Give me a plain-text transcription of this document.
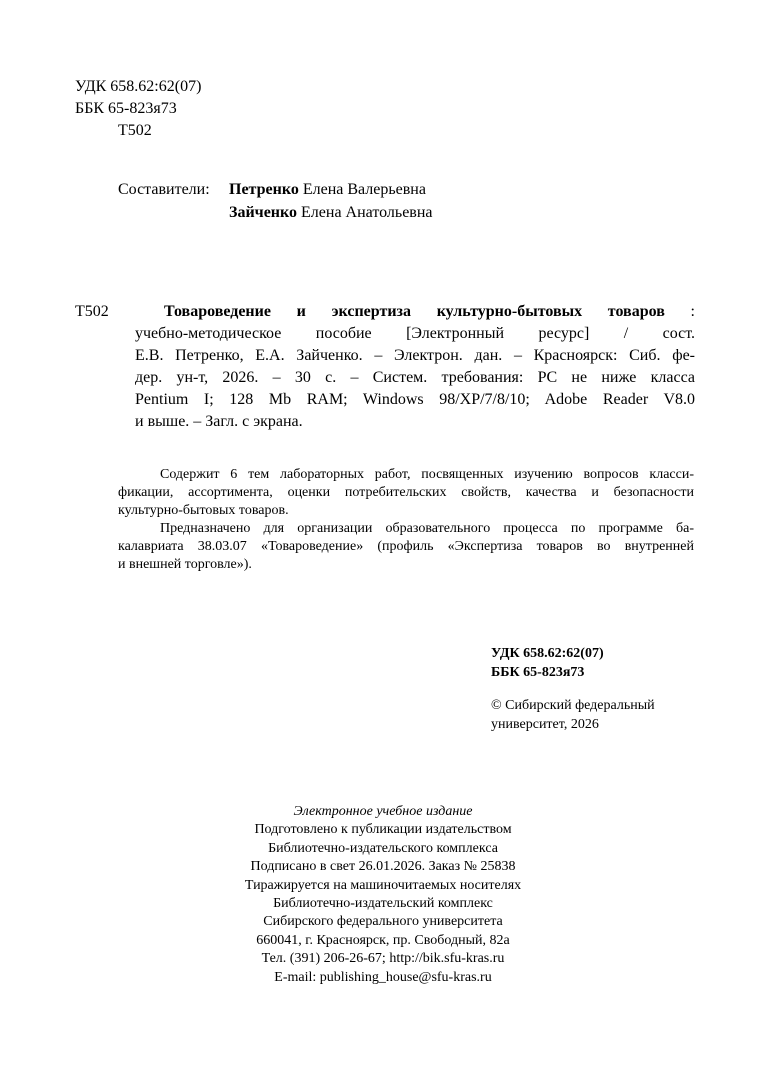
УДК 658.62:62(07)
ББК 65-823я73
Т502
Составители: Петренко Елена Валерьевна
Зайченко Елена Анатольевна
Т502	Товароведение и экспертиза культурно-бытовых товаров :
учебно-методическое пособие [Электронный ресурс] / сост.
Е.В. Петренко, Е.А. Зайченко. – Электрон. дан. – Красноярск: Сиб. фе-
дер. ун-т, 2026. – 30 с. – Систем. требования: PC не ниже класса
Pentium I; 128 Mb RAM; Windows 98/XP/7/8/10; Adobe Reader V8.0
и выше. – Загл. с экрана.
Содержит 6 тем лабораторных работ, посвященных изучению вопросов класси-
фикации, ассортимента, оценки потребительских свойств, качества и безопасности
культурно-бытовых товаров.
Предназначено для организации образовательного процесса по программе ба-
калавриата 38.03.07 «Товароведение» (профиль «Экспертиза товаров во внутренней
и внешней торговле»).
УДК 658.62:62(07)
ББК 65-823я73
© Сибирский федеральный
университет, 2026
Электронное учебное издание
Подготовлено к публикации издательством
Библиотечно-издательского комплекса
Подписано в свет 26.01.2026. Заказ № 25838
Тиражируется на машиночитаемых носителях
Библиотечно-издательский комплекс
Сибирского федерального университета
660041, г. Красноярск, пр. Свободный, 82а
Тел. (391) 206-26-67; http://bik.sfu-kras.ru
E-mail: publishing_house@sfu-kras.ru
